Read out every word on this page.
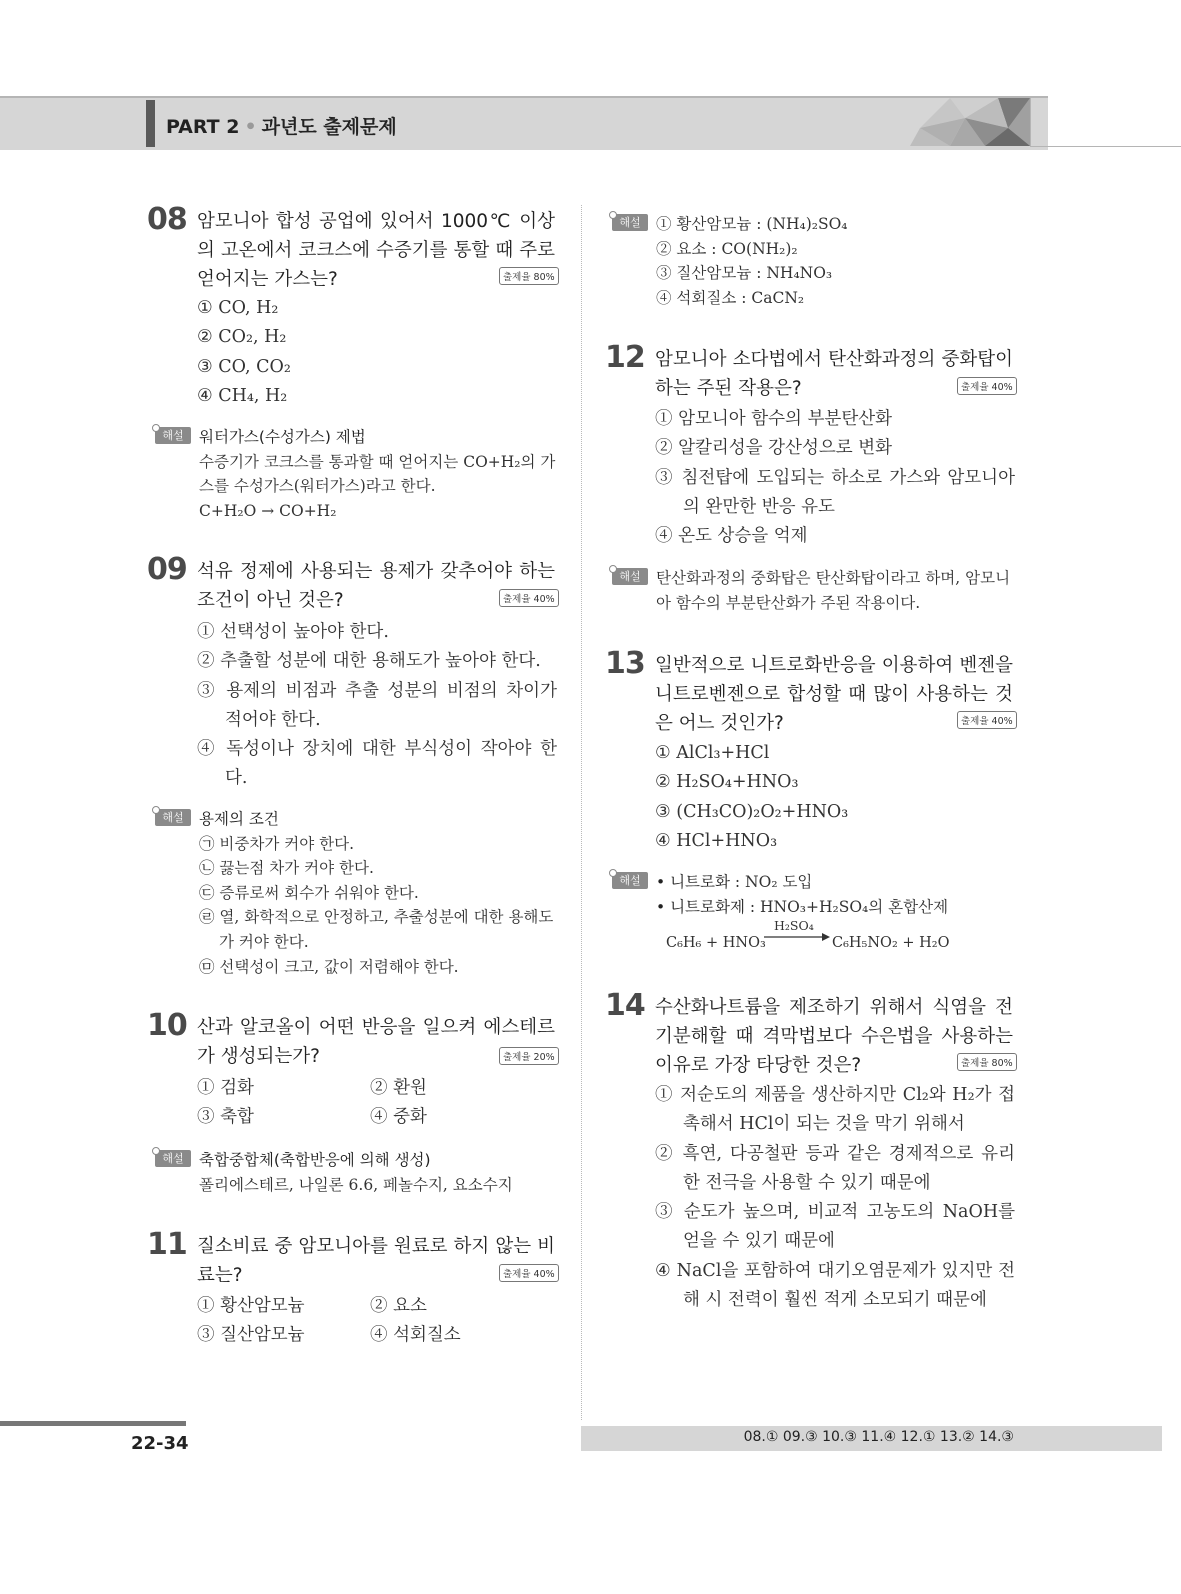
PART 2 • 과년도 출제문제
08 암모니아 합성 공업에 있어서 1000℃ 이상의 고온에서 코크스에 수증기를 통할 때 주로 얻어지는 가스는?	출제율 80%
① CO, H₂
② CO₂, H₂
③ CO, CO₂
④ CH₄, H₂
해설 워터가스(수성가스) 제법
수증기가 코크스를 통과할 때 얻어지는 CO+H₂의 가스를 수성가스(워터가스)라고 한다.
C+H₂O → CO+H₂
09 석유 정제에 사용되는 용제가 갖추어야 하는 조건이 아닌 것은?	출제율 40%
① 선택성이 높아야 한다.
② 추출할 성분에 대한 용해도가 높아야 한다.
③ 용제의 비점과 추출 성분의 비점의 차이가 적어야 한다.
④ 독성이나 장치에 대한 부식성이 작아야 한다.
해설 용제의 조건
㉠ 비중차가 커야 한다.
㉡ 끓는점 차가 커야 한다.
㉢ 증류로써 회수가 쉬워야 한다.
㉣ 열, 화학적으로 안정하고, 추출성분에 대한 용해도가 커야 한다.
㉤ 선택성이 크고, 값이 저렴해야 한다.
10 산과 알코올이 어떤 반응을 일으켜 에스테르가 생성되는가?	출제율 20%
① 검화	② 환원
③ 축합	④ 중화
해설 축합중합체(축합반응에 의해 생성)
폴리에스테르, 나일론 6.6, 페놀수지, 요소수지
11 질소비료 중 암모니아를 원료로 하지 않는 비료는?	출제율 40%
① 황산암모늄	② 요소
③ 질산암모늄	④ 석회질소
해설 ① 황산암모늄 : (NH₄)₂SO₄
② 요소 : CO(NH₂)₂
③ 질산암모늄 : NH₄NO₃
④ 석회질소 : CaCN₂
12 암모니아 소다법에서 탄산화과정의 중화탑이 하는 주된 작용은?	출제율 40%
① 암모니아 함수의 부분탄산화
② 알칼리성을 강산성으로 변화
③ 침전탑에 도입되는 하소로 가스와 암모니아의 완만한 반응 유도
④ 온도 상승을 억제
해설 탄산화과정의 중화탑은 탄산화탑이라고 하며, 암모니아 함수의 부분탄산화가 주된 작용이다.
13 일반적으로 니트로화반응을 이용하여 벤젠을 니트로벤젠으로 합성할 때 많이 사용하는 것은 어느 것인가?	출제율 40%
① AlCl₃+HCl
② H₂SO₄+HNO₃
③ (CH₃CO)₂O₂+HNO₃
④ HCl+HNO₃
해설 • 니트로화 : NO₂ 도입
• 니트로화제 : HNO₃+H₂SO₄의 혼합산제
C₆H₆ + HNO₃
H₂SO₄
C₆H₅NO₂ + H₂O
14 수산화나트륨을 제조하기 위해서 식염을 전기분해할 때 격막법보다 수은법을 사용하는 이유로 가장 타당한 것은?	출제율 80%
① 저순도의 제품을 생산하지만 Cl₂와 H₂가 접촉해서 HCl이 되는 것을 막기 위해서
② 흑연, 다공철판 등과 같은 경제적으로 유리한 전극을 사용할 수 있기 때문에
③ 순도가 높으며, 비교적 고농도의 NaOH를 얻을 수 있기 때문에
④ NaCl을 포함하여 대기오염문제가 있지만 전해 시 전력이 훨씬 적게 소모되기 때문에
22-34	08.① 09.③ 10.③ 11.④ 12.① 13.② 14.③
